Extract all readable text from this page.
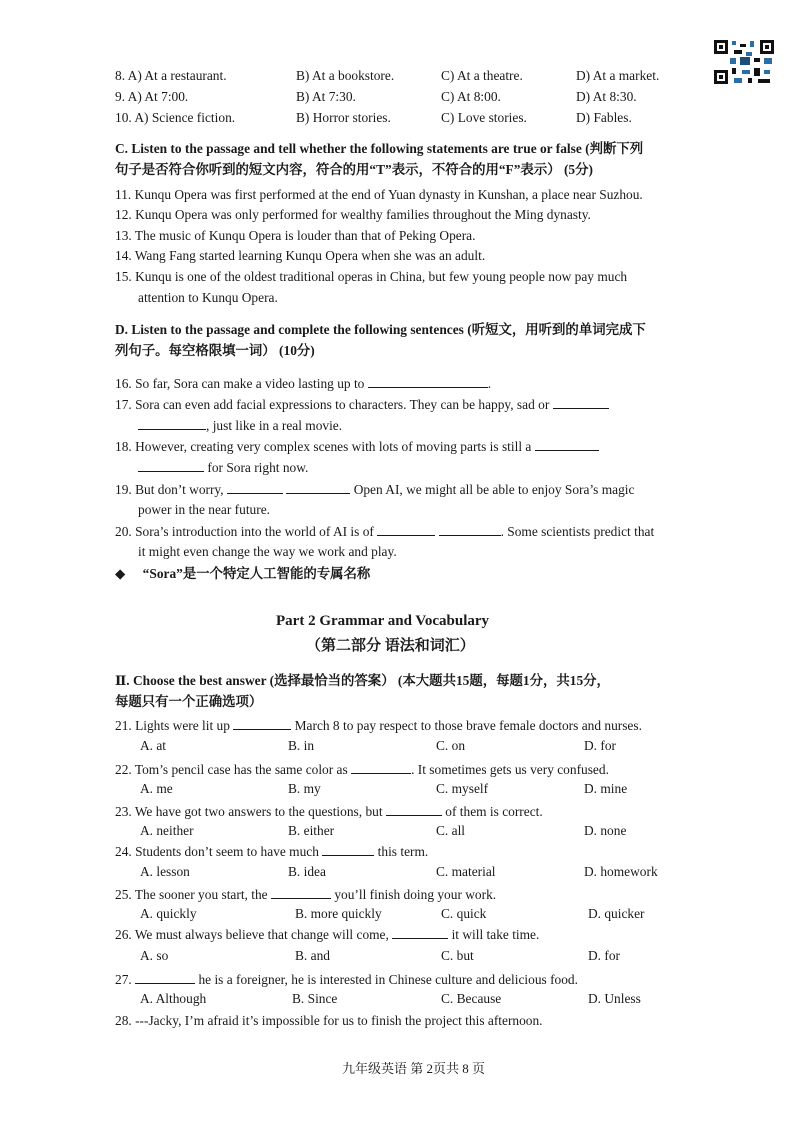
8. A) At a restaurant.	B) At a bookstore.	C) At a theatre.	D) At a market.
9. A) At 7:00.	B) At 7:30.	C) At 8:00.	D) At 8:30.
10. A) Science fiction.	B) Horror stories.	C) Love stories.	D) Fables.
C. Listen to the passage and tell whether the following statements are true or false (判断下列
句子是否符合你听到的短文内容，符合的用“T”表示，不符合的用“F”表示） (5分)
11. Kunqu Opera was first performed at the end of Yuan dynasty in Kunshan, a place near Suzhou.
12. Kunqu Opera was only performed for wealthy families throughout the Ming dynasty.
13. The music of Kunqu Opera is louder than that of Peking Opera.
14. Wang Fang started learning Kunqu Opera when she was an adult.
15. Kunqu is one of the oldest traditional operas in China, but few young people now pay much
attention to Kunqu Opera.
D. Listen to the passage and complete the following sentences (听短文，用听到的单词完成下
列句子。每空格限填一词） (10分)
16. So far, Sora can make a video lasting up to	.
17. Sora can even add facial expressions to characters. They can be happy, sad or
, just like in a real movie.
18. However, creating very complex scenes with lots of moving parts is still a
for Sora right now.
19. But don’t worry,	Open AI, we might all be able to enjoy Sora’s magic
power in the near future.
20. Sora’s introduction into the world of AI is of	. Some scientists predict that
it might even change the way we work and play.
◆ “Sora”是一个特定人工智能的专属名称
Part 2 Grammar and Vocabulary
（第二部分 语法和词汇）
Ⅱ. Choose the best answer (选择最恰当的答案） (本大题共15题，每题1分，共15分，
每题只有一个正确选项）
21. Lights were lit up	March 8 to pay respect to those brave female doctors and nurses.
A. at	B. in	C. on	D. for
22. Tom’s pencil case has the same color as	. It sometimes gets us very confused.
A. me	B. my	C. myself	D. mine
23. We have got two answers to the questions, but	of them is correct.
A. neither	B. either	C. all	D. none
24. Students don’t seem to have much	this term.
A. lesson	B. idea	C. material	D. homework
25. The sooner you start, the	you’ll finish doing your work.
A. quickly	B. more quickly	C. quick	D. quicker
26. We must always believe that change will come,	it will take time.
A. so	B. and	C. but	D. for
27.	he is a foreigner, he is interested in Chinese culture and delicious food.
A. Although	B. Since	C. Because	D. Unless
28. ---Jacky, I’m afraid it’s impossible for us to finish the project this afternoon.
九年级英语 第 2页共 8 页
